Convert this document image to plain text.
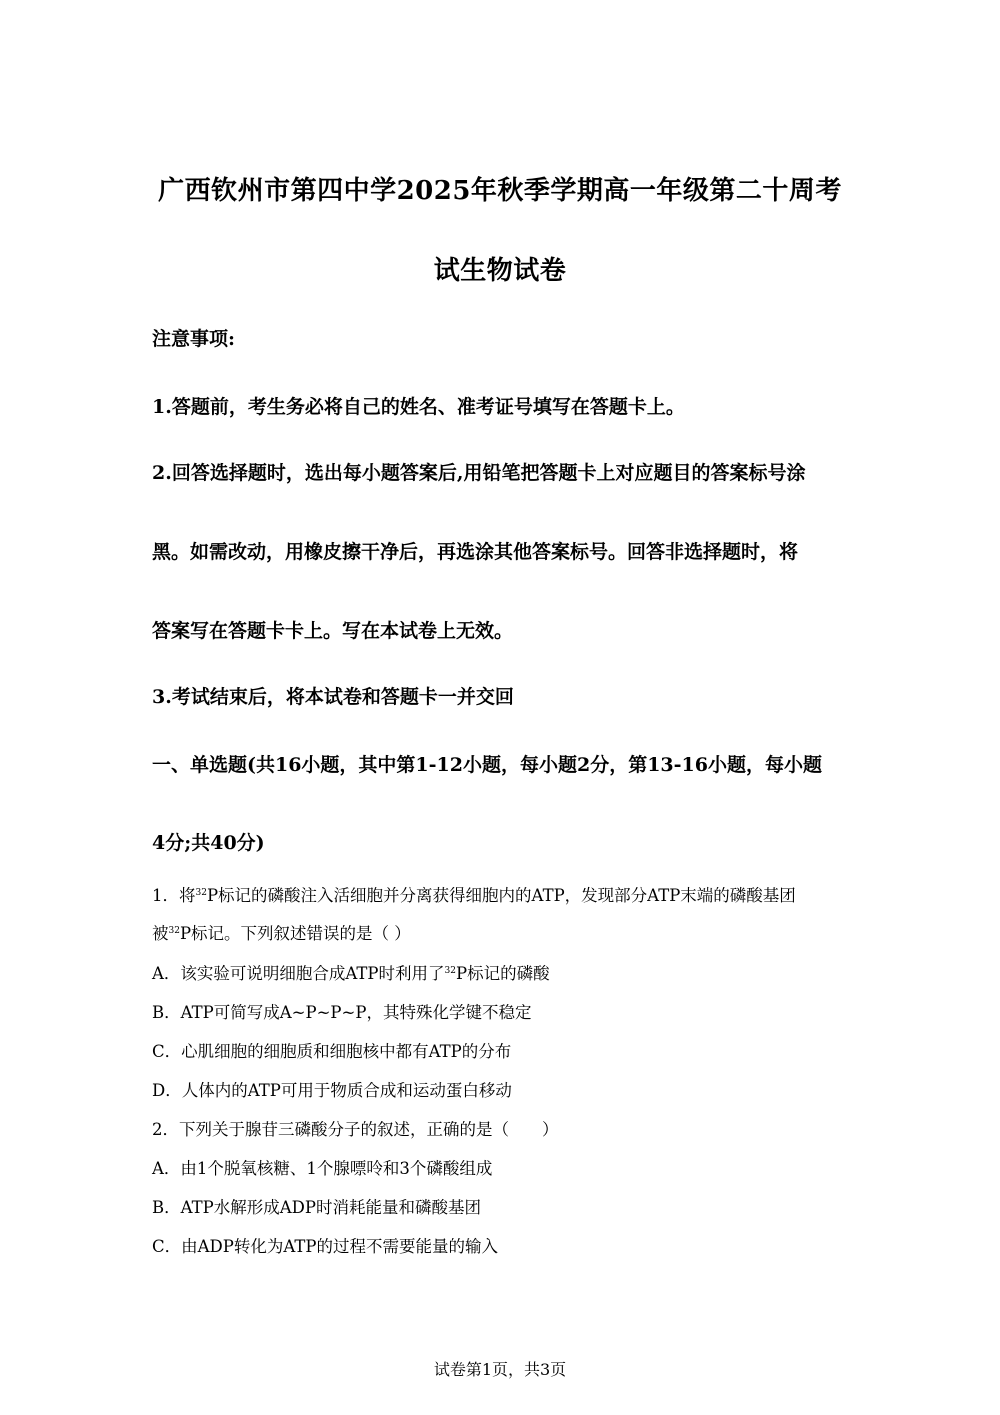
广西钦州市第四中学2025年秋季学期高一年级第二十周考
试生物试卷
注意事项:
1.答题前，考生务必将自己的姓名、准考证号填写在答题卡上。
2.回答选择题时，选出每小题答案后,用铅笔把答题卡上对应题目的答案标号涂
黑。如需改动，用橡皮擦干净后，再选涂其他答案标号。回答非选择题时，将
答案写在答题卡卡上。写在本试卷上无效。
3.考试结束后，将本试卷和答题卡一并交回
一、单选题(共16小题，其中第1-12小题，每小题2分，第13-16小题，每小题
4分;共40分)
1．将$^{32}$P标记的磷酸注入活细胞并分离获得细胞内的ATP，发现部分ATP末端的磷酸基团
被$^{32}$P标记。下列叙述错误的是（ ）
A．该实验可说明细胞合成ATP时利用了$^{32}$P标记的磷酸
B．ATP可简写成A~P~P~P，其特殊化学键不稳定
C．心肌细胞的细胞质和细胞核中都有ATP的分布
D．人体内的ATP可用于物质合成和运动蛋白移动
2．下列关于腺苷三磷酸分子的叙述，正确的是（　　）
A．由1个脱氧核糖、1个腺嘌呤和3个磷酸组成
B．ATP水解形成ADP时消耗能量和磷酸基团
C．由ADP转化为ATP的过程不需要能量的输入
试卷第1页，共3页
